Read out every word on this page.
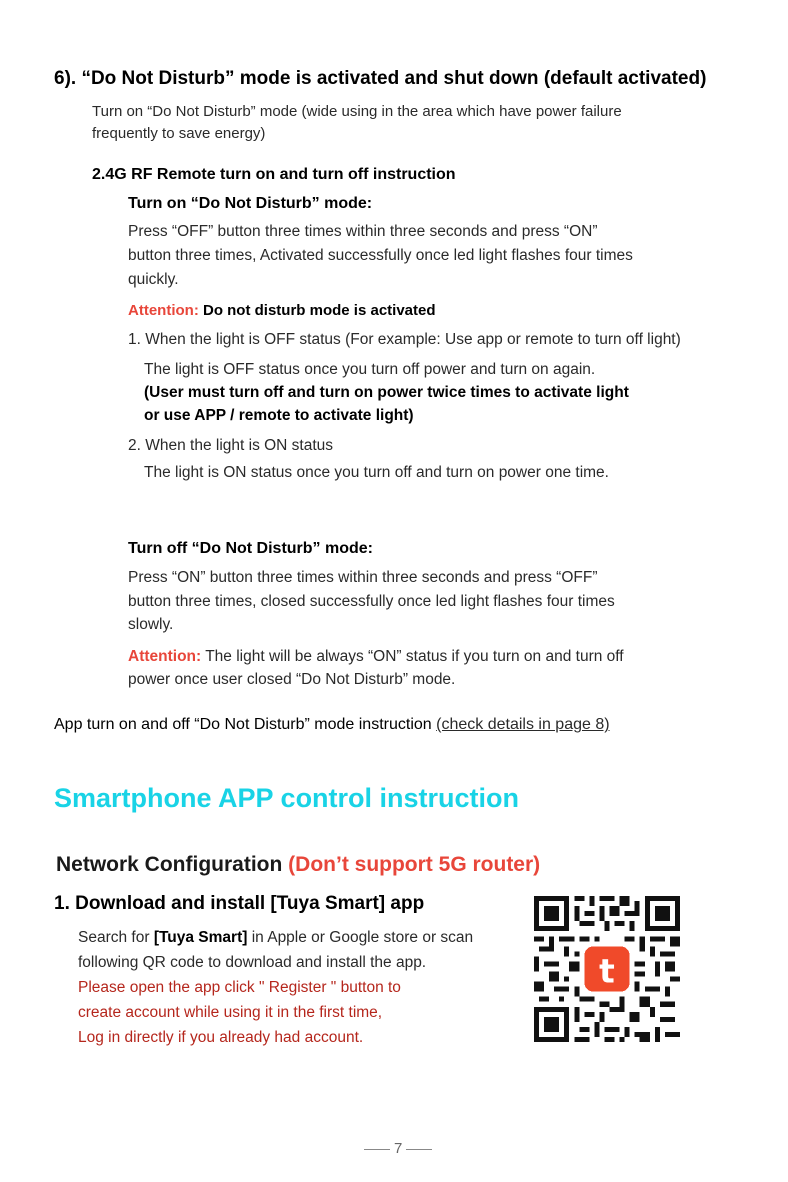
6). “Do Not Disturb” mode is activated and shut down (default activated)
Turn on “Do Not Disturb” mode (wide using in the area which have power failure
frequently to save energy)
2.4G RF Remote turn on and turn off instruction
Turn on “Do Not Disturb” mode:
Press “OFF” button three times within three seconds and press “ON”
button three times, Activated successfully once led light flashes four times
quickly.
Attention: Do not disturb mode is activated
1. When the light is OFF status (For example: Use app or remote to turn off light)
The light is OFF status once you turn off power and turn on again.
(User must turn off and turn on power twice times to activate light
or use APP / remote to activate light)
2. When the light is ON status
The light is ON status once you turn off and turn on power one time.
Turn off “Do Not Disturb” mode:
Press “ON” button three times within three seconds and press “OFF”
button three times, closed successfully once led light flashes four times
slowly.
Attention: The light will be always “ON” status if you turn on and turn off
power once user closed “Do Not Disturb” mode.
App turn on and off “Do Not Disturb” mode instruction (check details in page 8)
Smartphone APP control instruction
Network Configuration (Don’t support 5G router)
1. Download and install [Tuya Smart] app
Search for [Tuya Smart] in Apple or Google store or scan
following QR code to download and install the app.
Please open the app click " Register " button to
create account while using it in the first time,
Log in directly if you already had account.
t
7
